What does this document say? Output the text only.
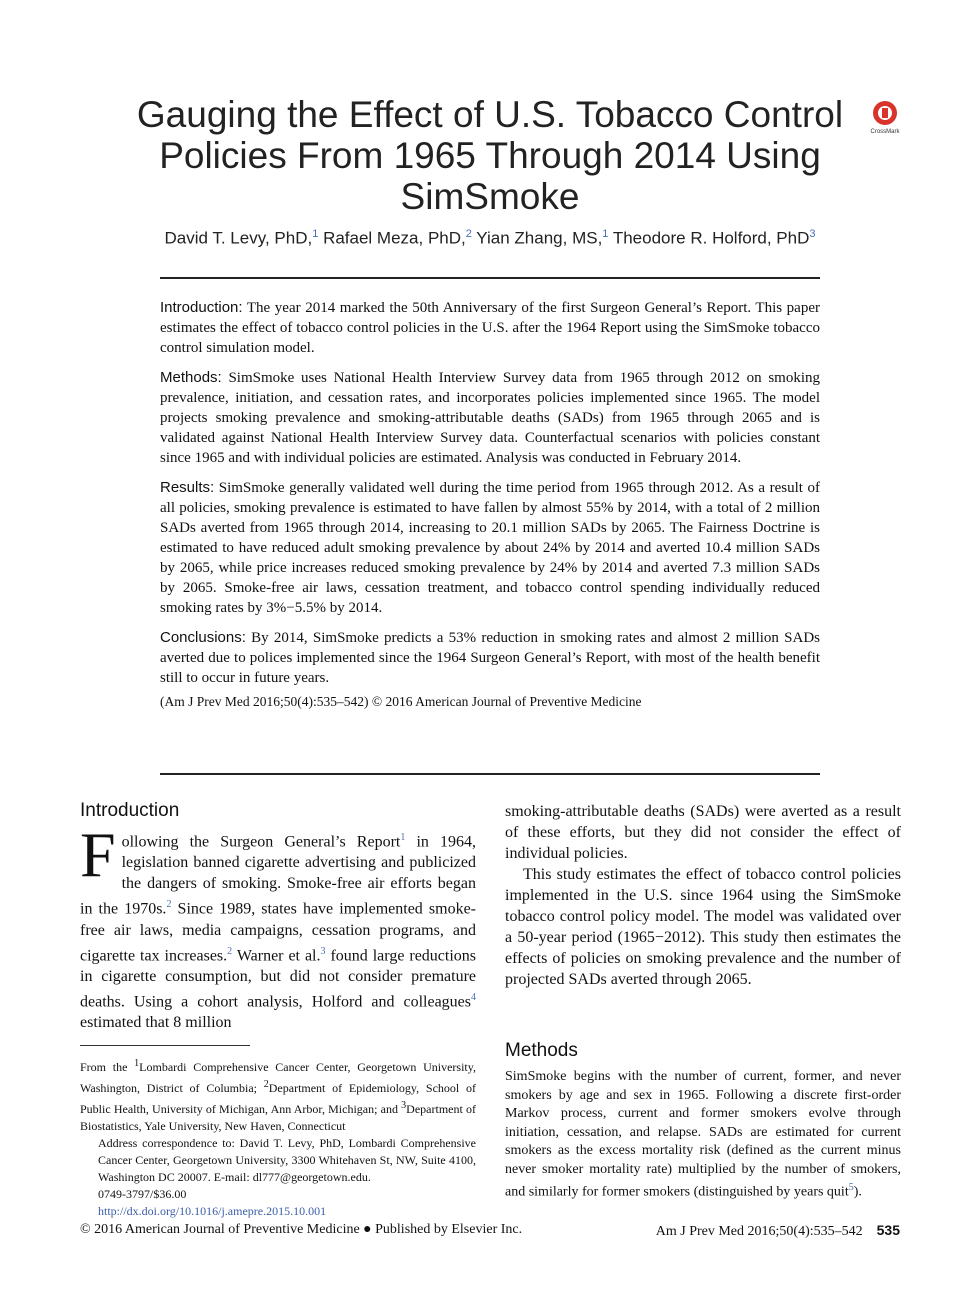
Gauging the Effect of U.S. Tobacco Control Policies From 1965 Through 2014 Using SimSmoke
CrossMark
David T. Levy, PhD,$^1$ Rafael Meza, PhD,$^2$ Yian Zhang, MS,$^1$ Theodore R. Holford, PhD$^3$

Introduction: The year 2014 marked the 50th Anniversary of the first Surgeon General’s Report. This paper estimates the effect of tobacco control policies in the U.S. after the 1964 Report using the SimSmoke tobacco control simulation model.

Methods: SimSmoke uses National Health Interview Survey data from 1965 through 2012 on smoking prevalence, initiation, and cessation rates, and incorporates policies implemented since 1965. The model projects smoking prevalence and smoking-attributable deaths (SADs) from 1965 through 2065 and is validated against National Health Interview Survey data. Counterfactual scenarios with policies constant since 1965 and with individual policies are estimated. Analysis was conducted in February 2014.

Results: SimSmoke generally validated well during the time period from 1965 through 2012. As a result of all policies, smoking prevalence is estimated to have fallen by almost 55% by 2014, with a total of 2 million SADs averted from 1965 through 2014, increasing to 20.1 million SADs by 2065. The Fairness Doctrine is estimated to have reduced adult smoking prevalence by about 24% by 2014 and averted 10.4 million SADs by 2065, while price increases reduced smoking prevalence by 24% by 2014 and averted 7.3 million SADs by 2065. Smoke-free air laws, cessation treatment, and tobacco control spending individually reduced smoking rates by 3%−5.5% by 2014.

Conclusions: By 2014, SimSmoke predicts a 53% reduction in smoking rates and almost 2 million SADs averted due to polices implemented since the 1964 Surgeon General’s Report, with most of the health benefit still to occur in future years.

(Am J Prev Med 2016;50(4):535–542) © 2016 American Journal of Preventive Medicine

Introduction

Following the Surgeon General’s Report$^1$ in 1964, legislation banned cigarette advertising and publicized the dangers of smoking. Smoke-free air efforts began in the 1970s.$^2$ Since 1989, states have implemented smoke-free air laws, media campaigns, cessation programs, and cigarette tax increases.$^2$ Warner et al.$^3$ found large reductions in cigarette consumption, but did not consider premature deaths. Using a cohort analysis, Holford and colleagues$^4$ estimated that 8 million

smoking-attributable deaths (SADs) were averted as a result of these efforts, but they did not consider the effect of individual policies.

This study estimates the effect of tobacco control policies implemented in the U.S. since 1964 using the SimSmoke tobacco control policy model. The model was validated over a 50-year period (1965−2012). This study then estimates the effects of policies on smoking prevalence and the number of projected SADs averted through 2065.

From the $^1$Lombardi Comprehensive Cancer Center, Georgetown University, Washington, District of Columbia; $^2$Department of Epidemiology, School of Public Health, University of Michigan, Ann Arbor, Michigan; and $^3$Department of Biostatistics, Yale University, New Haven, Connecticut

Address correspondence to: David T. Levy, PhD, Lombardi Comprehensive Cancer Center, Georgetown University, 3300 Whitehaven St, NW, Suite 4100, Washington DC 20007. E-mail: dl777@georgetown.edu.

0749-3797/$36.00

http://dx.doi.org/10.1016/j.amepre.2015.10.001

Methods

SimSmoke begins with the number of current, former, and never smokers by age and sex in 1965. Following a discrete first-order Markov process, current and former smokers evolve through initiation, cessation, and relapse. SADs are estimated for current smokers as the excess mortality risk (defined as the current minus never smoker mortality rate) multiplied by the number of smokers, and similarly for former smokers (distinguished by years quit$^5$).

© 2016 American Journal of Preventive Medicine ● Published by Elsevier Inc.	Am J Prev Med 2016;50(4):535–542 535
